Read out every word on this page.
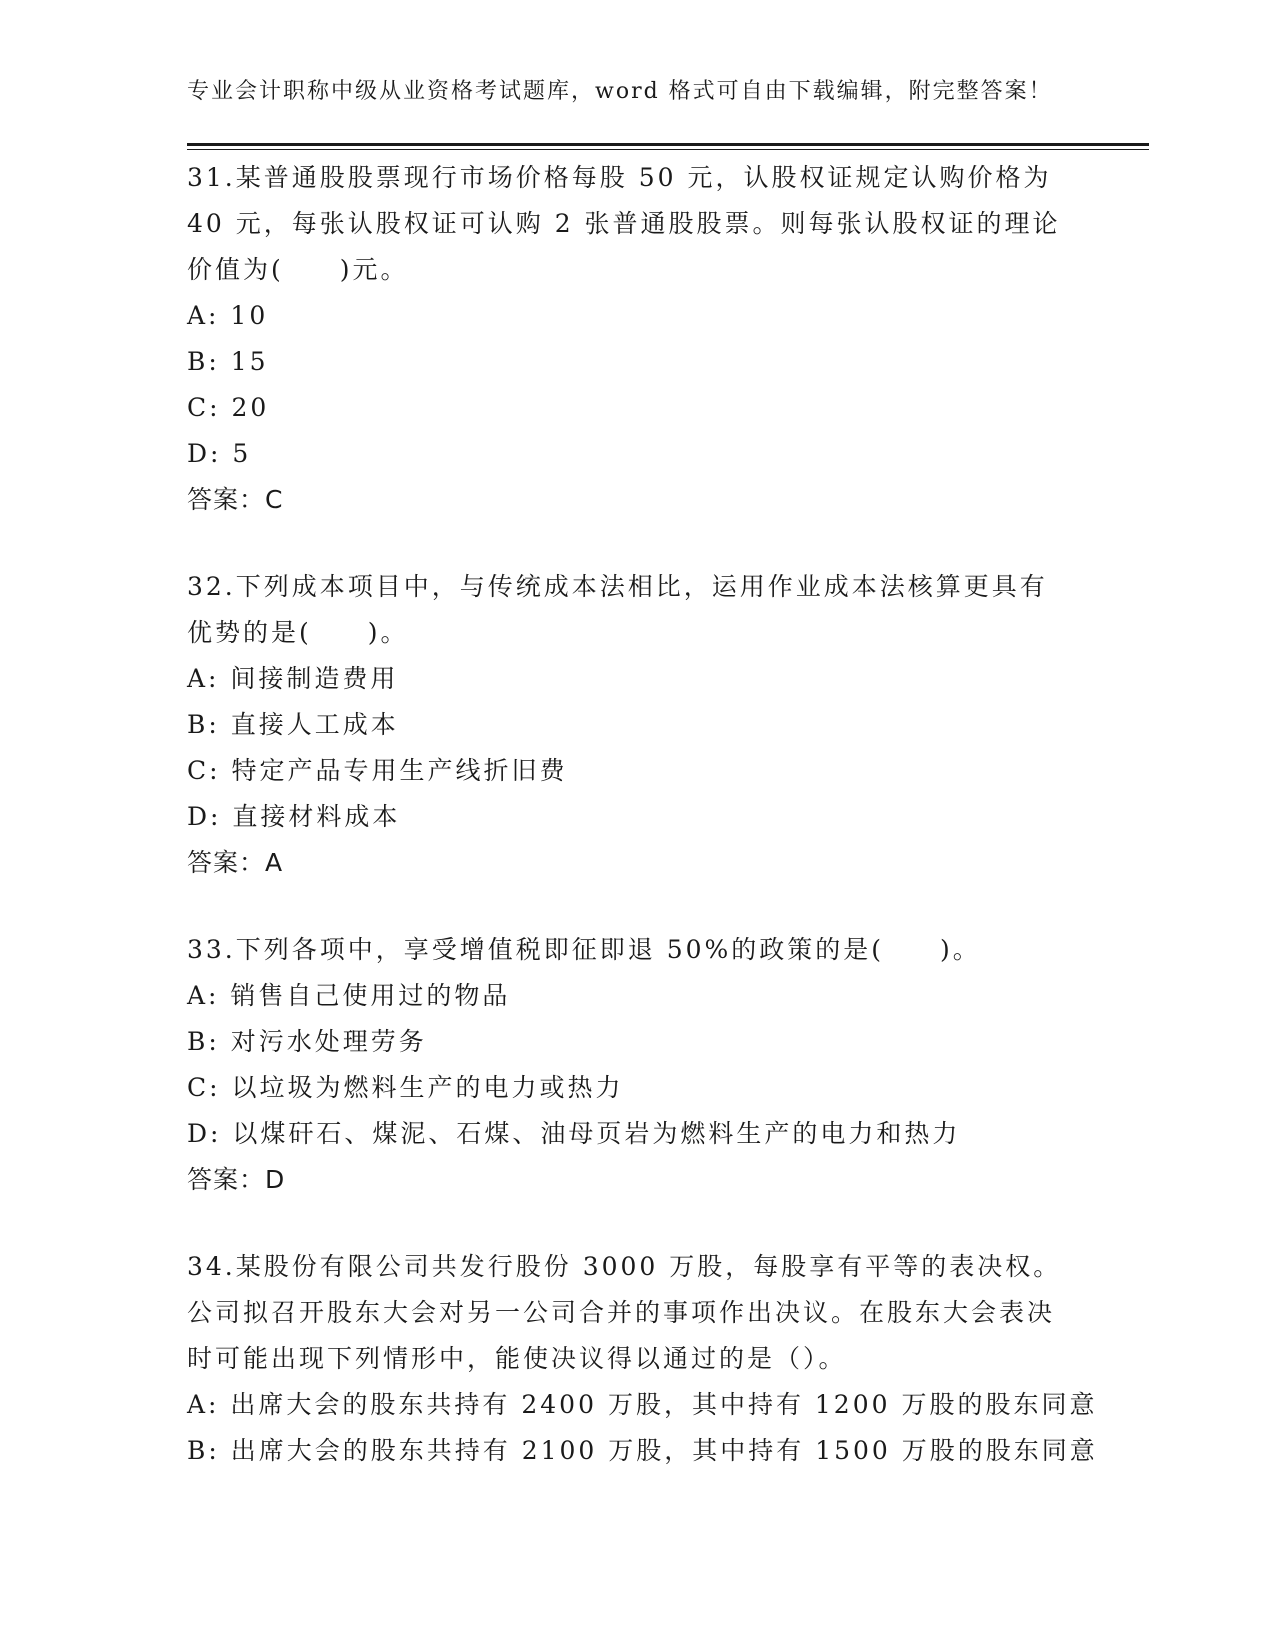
专业会计职称中级从业资格考试题库，word 格式可自由下载编辑，附完整答案！
31.某普通股股票现行市场价格每股 50 元，认股权证规定认购价格为 40 元，每张认股权证可认购 2 张普通股股票。则每张认股权证的理论价值为(　　)元。
A: 10
B: 15
C: 20
D: 5
答案：C
32.下列成本项目中，与传统成本法相比，运用作业成本法核算更具有优势的是(　　)。
A: 间接制造费用
B: 直接人工成本
C: 特定产品专用生产线折旧费
D: 直接材料成本
答案：A
33.下列各项中，享受增值税即征即退 50%的政策的是(　　)。
A: 销售自己使用过的物品
B: 对污水处理劳务
C: 以垃圾为燃料生产的电力或热力
D: 以煤矸石、煤泥、石煤、油母页岩为燃料生产的电力和热力
答案：D
34.某股份有限公司共发行股份 3000 万股，每股享有平等的表决权。公司拟召开股东大会对另一公司合并的事项作出决议。在股东大会表决时可能出现下列情形中，能使决议得以通过的是（）。
A: 出席大会的股东共持有 2400 万股，其中持有 1200 万股的股东同意
B: 出席大会的股东共持有 2100 万股，其中持有 1500 万股的股东同意
